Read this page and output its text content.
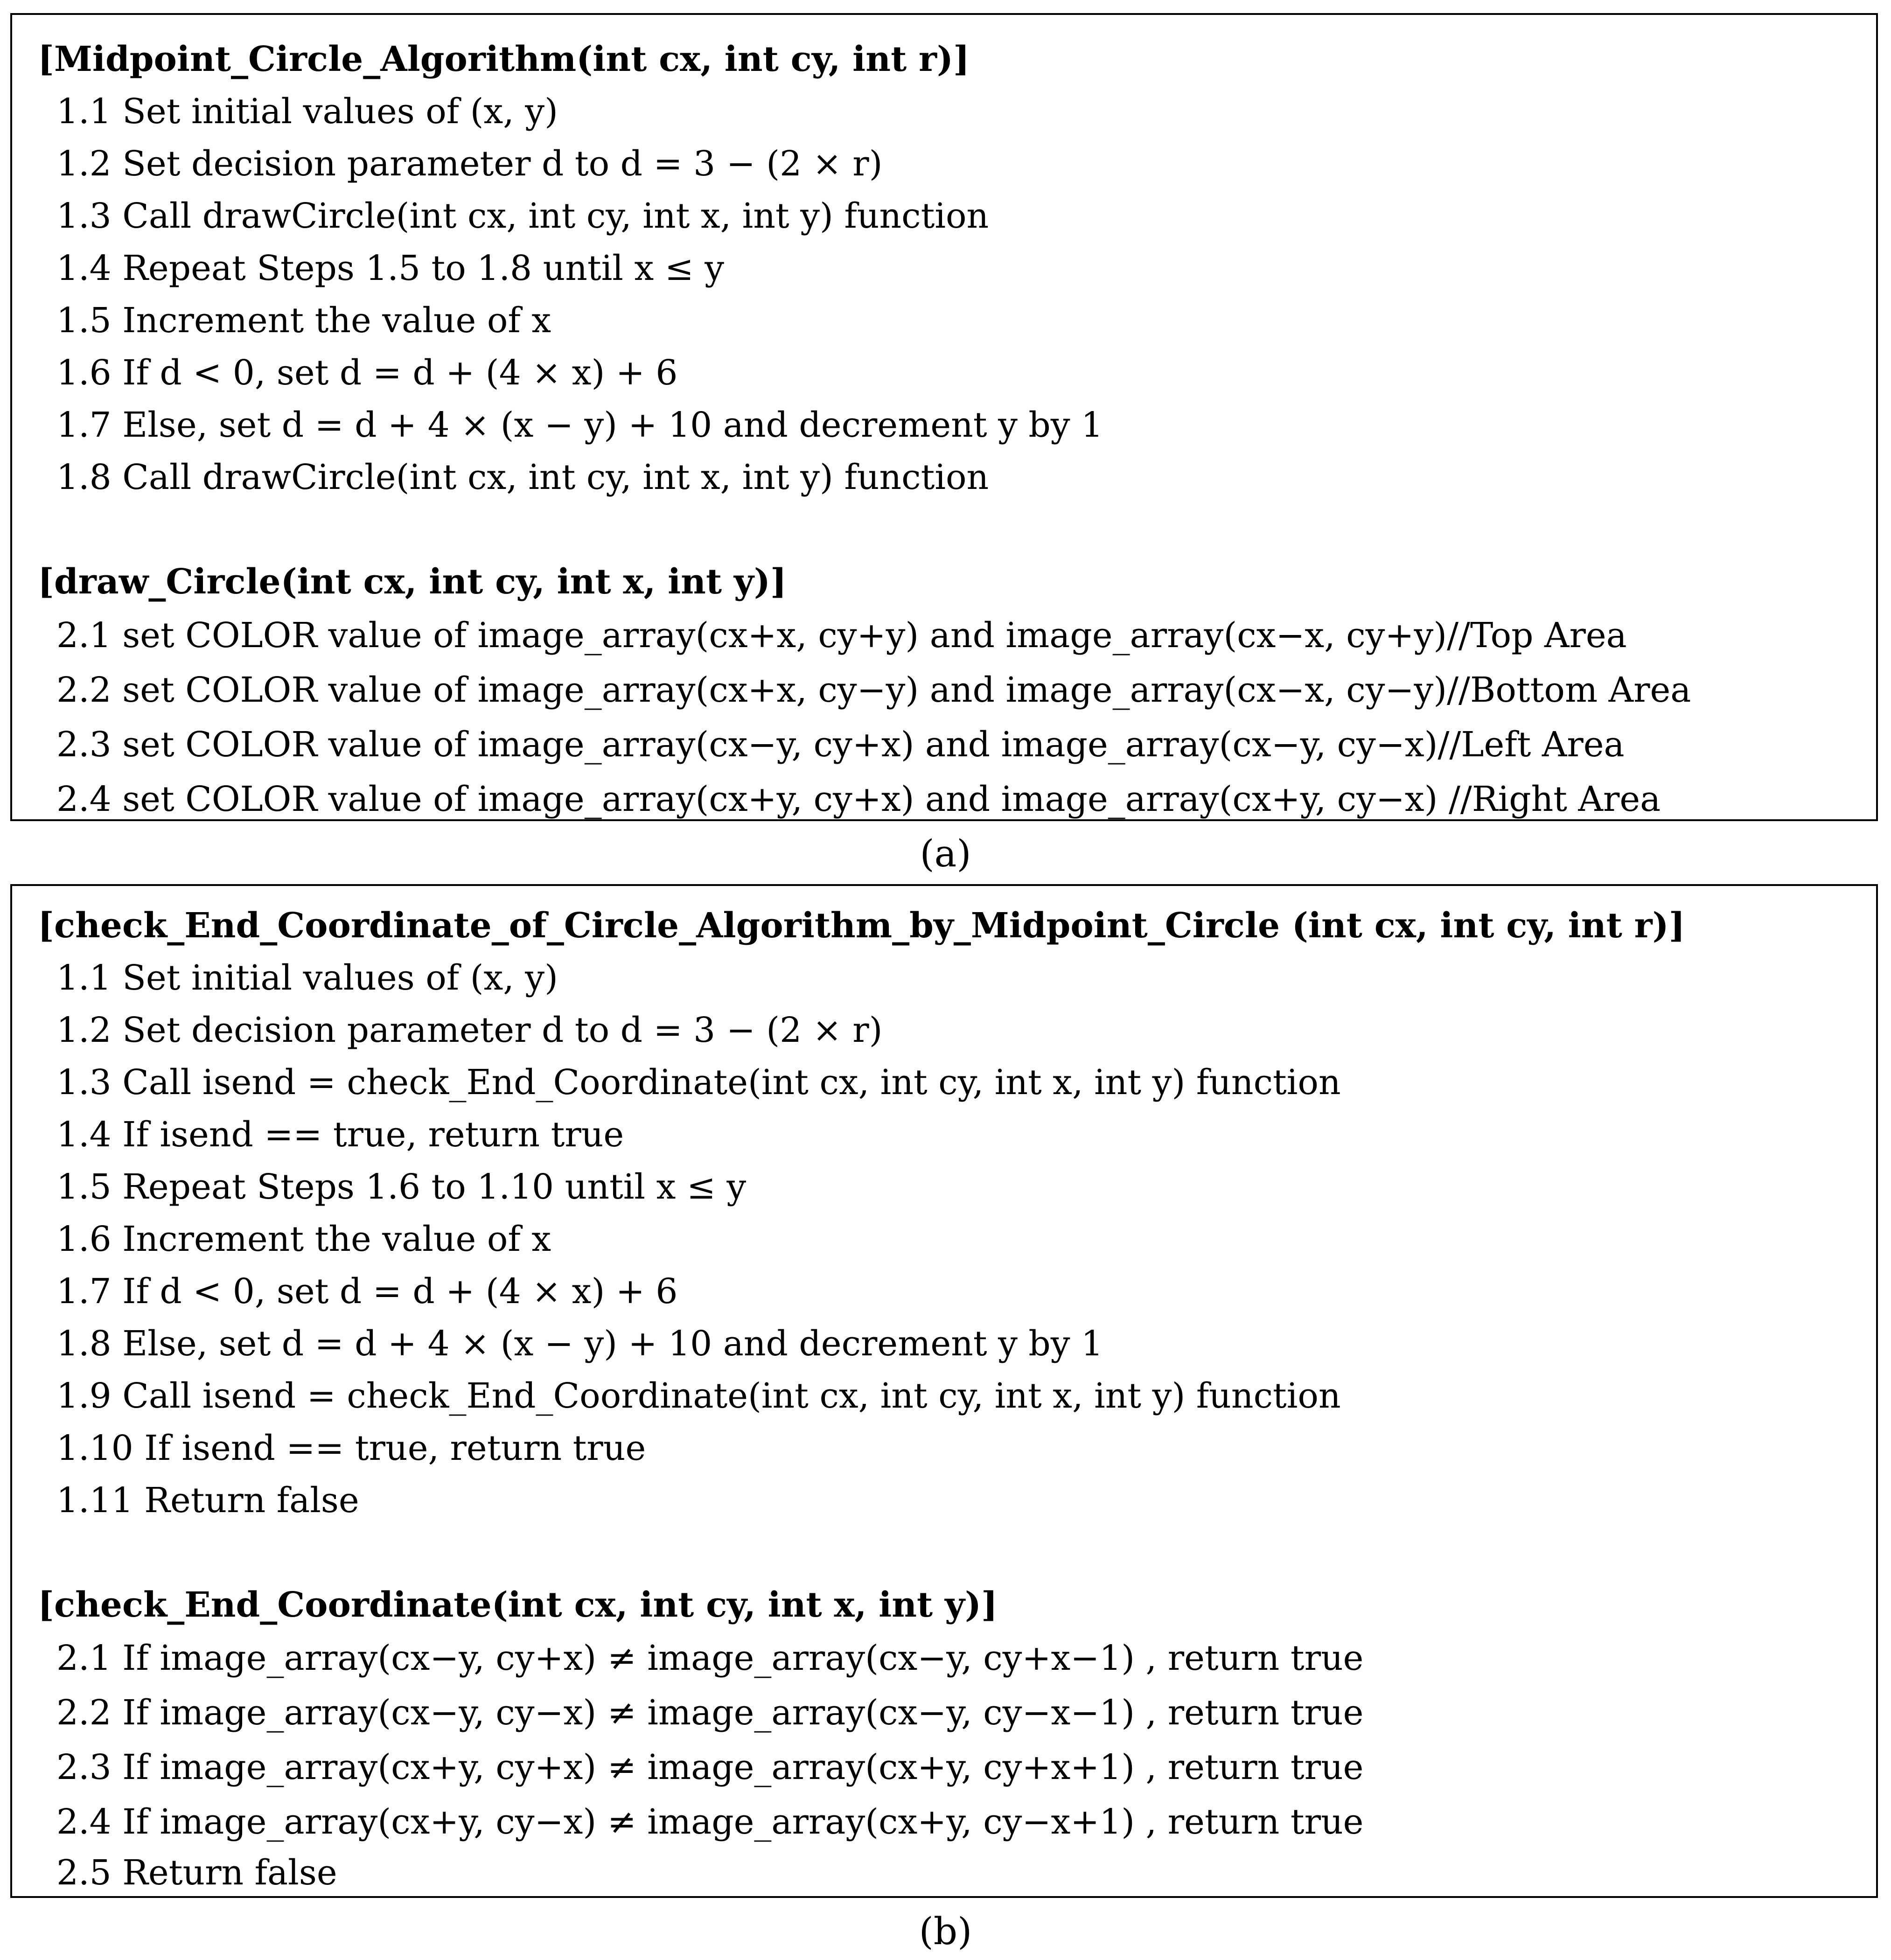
[Midpoint_Circle_Algorithm(int cx, int cy, int r)]
1.1 Set initial values of (x, y)
1.2 Set decision parameter d to d = 3 − (2 × r)
1.3 Call drawCircle(int cx, int cy, int x, int y) function
1.4 Repeat Steps 1.5 to 1.8 until x ≤ y
1.5 Increment the value of x
1.6 If d < 0, set d = d + (4 × x) + 6
1.7 Else, set d = d + 4 × (x − y) + 10 and decrement y by 1
1.8 Call drawCircle(int cx, int cy, int x, int y) function
[draw_Circle(int cx, int cy, int x, int y)]
2.1 set COLOR value of image_array(cx+x, cy+y) and image_array(cx−x, cy+y)//Top Area
2.2 set COLOR value of image_array(cx+x, cy−y) and image_array(cx−x, cy−y)//Bottom Area
2.3 set COLOR value of image_array(cx−y, cy+x) and image_array(cx−y, cy−x)//Left Area
2.4 set COLOR value of image_array(cx+y, cy+x) and image_array(cx+y, cy−x) //Right Area
(a)
[check_End_Coordinate_of_Circle_Algorithm_by_Midpoint_Circle (int cx, int cy, int r)]
1.1 Set initial values of (x, y)
1.2 Set decision parameter d to d = 3 − (2 × r)
1.3 Call isend = check_End_Coordinate(int cx, int cy, int x, int y) function
1.4 If isend == true, return true
1.5 Repeat Steps 1.6 to 1.10 until x ≤ y
1.6 Increment the value of x
1.7 If d < 0, set d = d + (4 × x) + 6
1.8 Else, set d = d + 4 × (x − y) + 10 and decrement y by 1
1.9 Call isend = check_End_Coordinate(int cx, int cy, int x, int y) function
1.10 If isend == true, return true
1.11 Return false
[check_End_Coordinate(int cx, int cy, int x, int y)]
2.1 If image_array(cx−y, cy+x) ≠ image_array(cx−y, cy+x−1) , return true
2.2 If image_array(cx−y, cy−x) ≠ image_array(cx−y, cy−x−1) , return true
2.3 If image_array(cx+y, cy+x) ≠ image_array(cx+y, cy+x+1) , return true
2.4 If image_array(cx+y, cy−x) ≠ image_array(cx+y, cy−x+1) , return true
2.5 Return false
(b)
